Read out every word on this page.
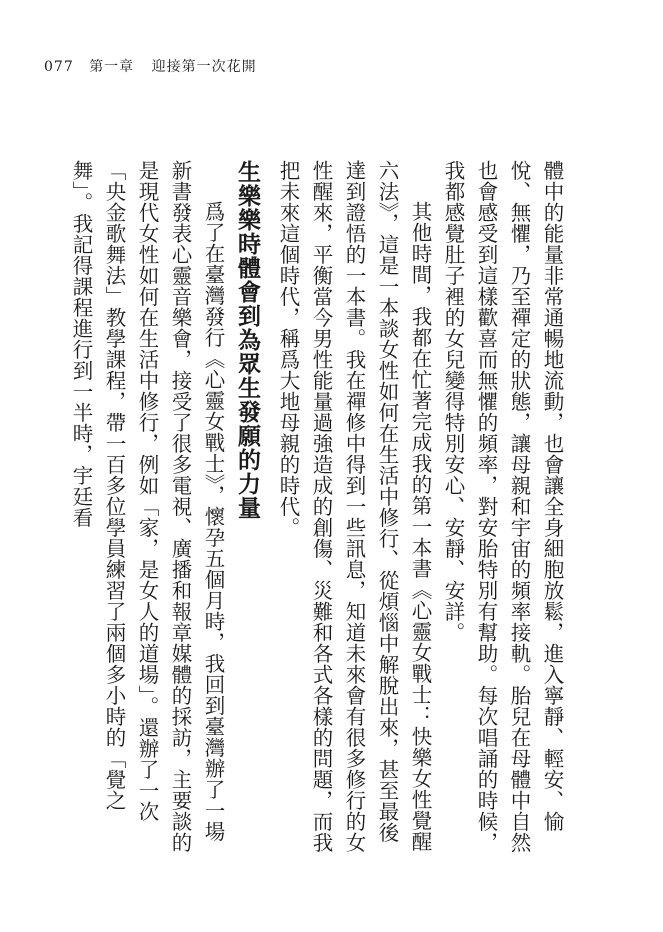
077 第一章 迎接第一次花開

體中的能量非常通暢地流動，也會讓全身細胞放鬆，進入寧靜、輕安、愉悅、無懼，乃至禪定的狀態，讓母親和宇宙的頻率接軌。胎兒在母體中自然也會感受到這樣歡喜而無懼的頻率，對安胎特別有幫助。每次唱誦的時候，我都感覺肚子裡的女兒變得特別安心、安靜、安詳。

其他時間，我都在忙著完成我的第一本書《心靈女戰士：快樂女性覺醒六法》，這是一本談女性如何在生活中修行、從煩惱中解脫出來，甚至最後達到證悟的一本書。我在禪修中得到一些訊息，知道未來會有很多修行的女性醒來，平衡當今男性能量過強造成的創傷、災難和各式各樣的問題，而我把未來這個時代，稱爲大地母親的時代。

生樂樂時體會到為眾生發願的力量

爲了在臺灣發行《心靈女戰士》，懷孕五個月時，我回到臺灣辦了一場新書發表心靈音樂會，接受了很多電視、廣播和報章媒體的採訪，主要談的是現代女性如何在生活中修行，例如「家，是女人的道場」。還辦了一次「央金歌舞法」教學課程，帶一百多位學員練習了兩個多小時的「覺之舞」。我記得課程進行到一半時，宇廷看
